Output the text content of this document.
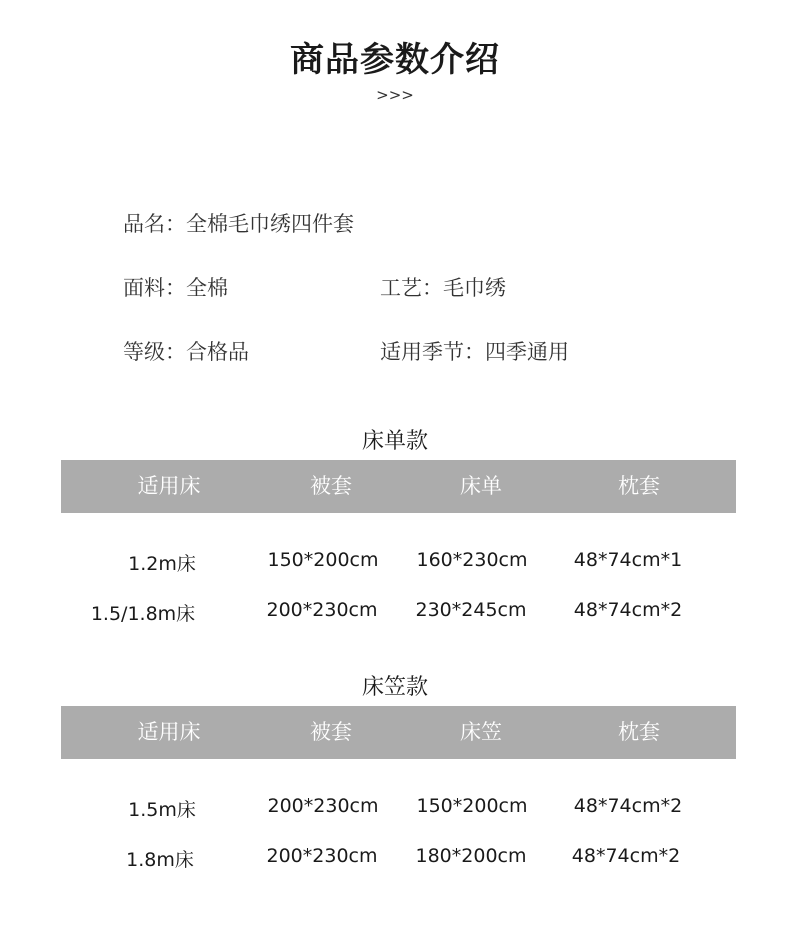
商品参数介绍
>>>
品名：全棉毛巾绣四件套
面料：全棉	工艺：毛巾绣
等级：合格品	适用季节：四季通用
床单款
适用床	被套	床单	枕套
1.2m床	150*200cm	160*230cm	48*74cm*1
1.5/1.8m床	200*230cm	230*245cm	48*74cm*2
床笠款
适用床	被套	床笠	枕套
1.5m床	200*230cm	150*200cm	48*74cm*2
1.8m床	200*230cm	180*200cm	48*74cm*2
